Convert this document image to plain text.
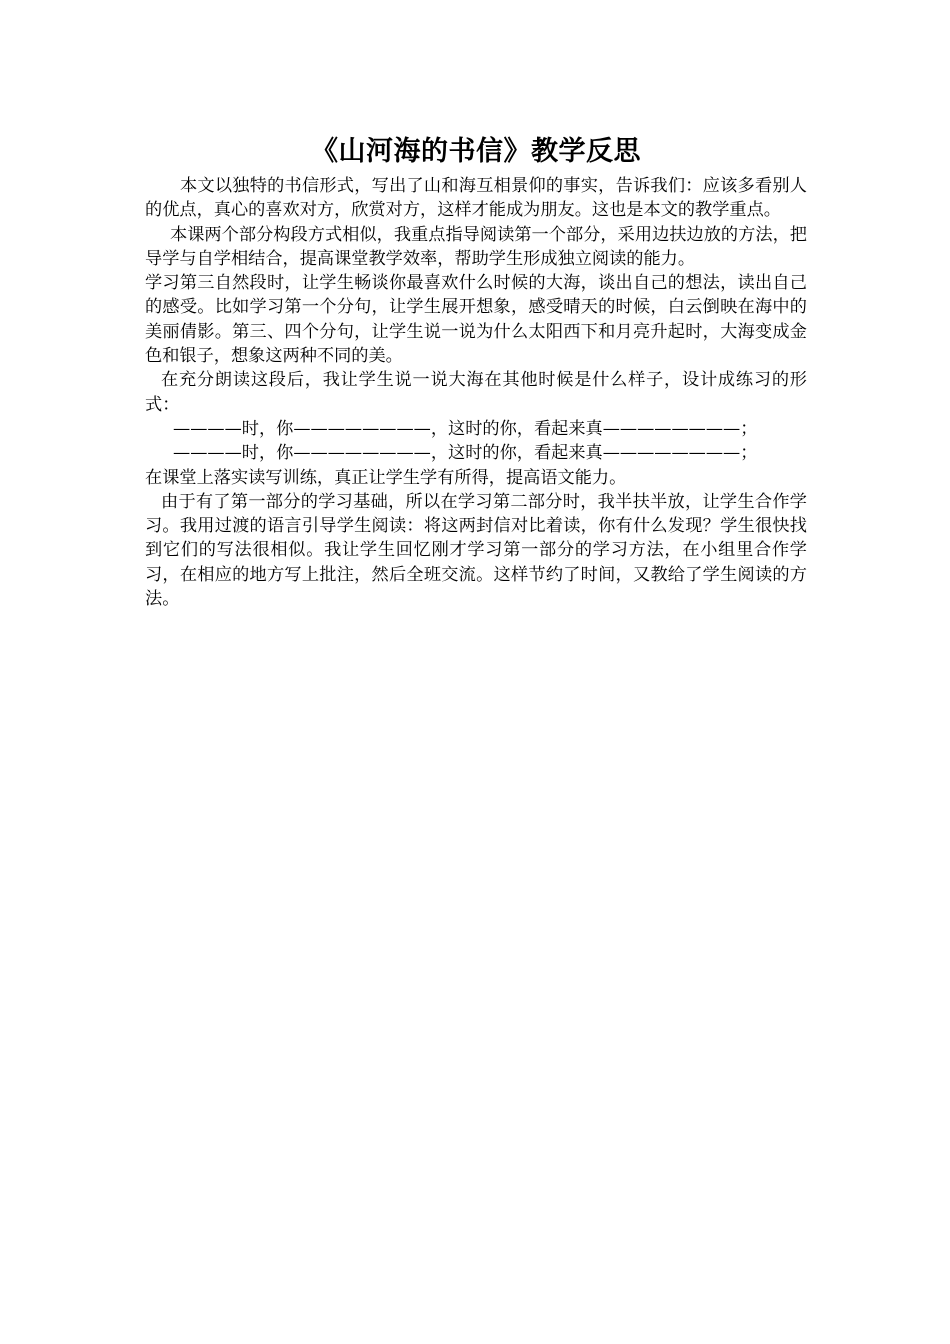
《山河海的书信》教学反思

本文以独特的书信形式，写出了山和海互相景仰的事实，告诉我们：应该多看别人的优点，真心的喜欢对方，欣赏对方，这样才能成为朋友。这也是本文的教学重点。

本课两个部分构段方式相似，我重点指导阅读第一个部分，采用边扶边放的方法，把导学与自学相结合，提高课堂教学效率，帮助学生形成独立阅读的能力。

学习第三自然段时，让学生畅谈你最喜欢什么时候的大海，谈出自己的想法，读出自己的感受。比如学习第一个分句，让学生展开想象，感受晴天的时候，白云倒映在海中的美丽倩影。第三、四个分句，让学生说一说为什么太阳西下和月亮升起时，大海变成金色和银子，想象这两种不同的美。

在充分朗读这段后，我让学生说一说大海在其他时候是什么样子，设计成练习的形式：

————时，你————————，这时的你，看起来真————————；

————时，你————————，这时的你，看起来真————————；

在课堂上落实读写训练，真正让学生学有所得，提高语文能力。

由于有了第一部分的学习基础，所以在学习第二部分时，我半扶半放，让学生合作学习。我用过渡的语言引导学生阅读：将这两封信对比着读，你有什么发现？学生很快找到它们的写法很相似。我让学生回忆刚才学习第一部分的学习方法，在小组里合作学习，在相应的地方写上批注，然后全班交流。这样节约了时间，又教给了学生阅读的方法。
